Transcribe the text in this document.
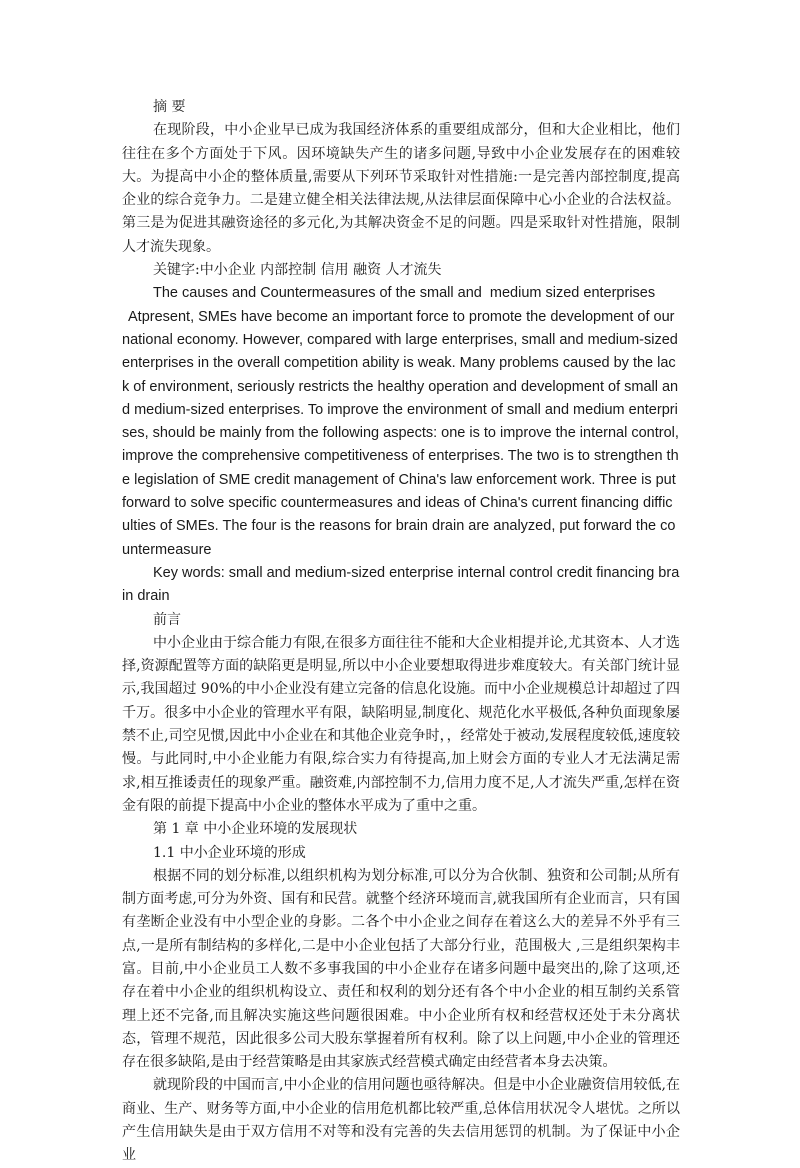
摘 要

在现阶段，中小企业早已成为我国经济体系的重要组成部分，但和大企业相比，他们往往在多个方面处于下风。因环境缺失产生的诸多问题,导致中小企业发展存在的困难较大。为提高中小企的整体质量,需要从下列环节采取针对性措施:一是完善内部控制度,提高企业的综合竞争力。二是建立健全相关法律法规,从法律层面保障中心小企业的合法权益。第三是为促进其融资途径的多元化,为其解决资金不足的问题。四是采取针对性措施，限制人才流失现象。

关键字:中小企业 内部控制 信用 融资 人才流失

The causes and Countermeasures of the small and  medium sized enterprises

Atpresent, SMEs have become an important force to promote the development of our national economy. However, compared with large enterprises, small and medium-sized enterprises in the overall competition ability is weak. Many problems caused by the lack of environment, seriously restricts the healthy operation and development of small and medium-sized enterprises. To improve the environment of small and medium enterprises, should be mainly from the following aspects: one is to improve the internal control, improve the comprehensive competitiveness of enterprises. The two is to strengthen the legislation of SME credit management of China's law enforcement work. Three is put forward to solve specific countermeasures and ideas of China's current financing difficulties of SMEs. The four is the reasons for brain drain are analyzed, put forward the countermeasure

Key words: small and medium-sized enterprise internal control credit financing brain drain

前言

中小企业由于综合能力有限,在很多方面往往不能和大企业相提并论,尤其资本、人才选择,资源配置等方面的缺陷更是明显,所以中小企业要想取得进步难度较大。有关部门统计显示,我国超过 90%的中小企业没有建立完备的信息化设施。而中小企业规模总计却超过了四千万。很多中小企业的管理水平有限，缺陷明显,制度化、规范化水平极低,各种负面现象屡禁不止,司空见惯,因此中小企业在和其他企业竞争时，，经常处于被动,发展程度较低,速度较慢。与此同时,中小企业能力有限,综合实力有待提高,加上财会方面的专业人才无法满足需求,相互推诿责任的现象严重。融资难,内部控制不力,信用力度不足,人才流失严重,怎样在资金有限的前提下提高中小企业的整体水平成为了重中之重。

第 1 章 中小企业环境的发展现状

1.1 中小企业环境的形成

根据不同的划分标准,以组织机构为划分标准,可以分为合伙制、独资和公司制;从所有制方面考虑,可分为外资、国有和民营。就整个经济环境而言,就我国所有企业而言，只有国有垄断企业没有中小型企业的身影。二各个中小企业之间存在着这么大的差异不外乎有三点,一是所有制结构的多样化,二是中小企业包括了大部分行业，范围极大 ,三是组织架构丰富。目前,中小企业员工人数不多事我国的中小企业存在诸多问题中最突出的,除了这项,还存在着中小企业的组织机构设立、责任和权利的划分还有各个中小企业的相互制约关系管理上还不完备,而且解决实施这些问题很困难。中小企业所有权和经营权还处于未分离状态，管理不规范，因此很多公司大股东掌握着所有权利。除了以上问题,中小企业的管理还存在很多缺陷,是由于经营策略是由其家族式经营模式确定由经营者本身去决策。

就现阶段的中国而言,中小企业的信用问题也亟待解决。但是中小企业融资信用较低,在商业、生产、财务等方面,中小企业的信用危机都比较严重,总体信用状况令人堪忧。之所以产生信用缺失是由于双方信用不对等和没有完善的失去信用惩罚的机制。为了保证中小企业
